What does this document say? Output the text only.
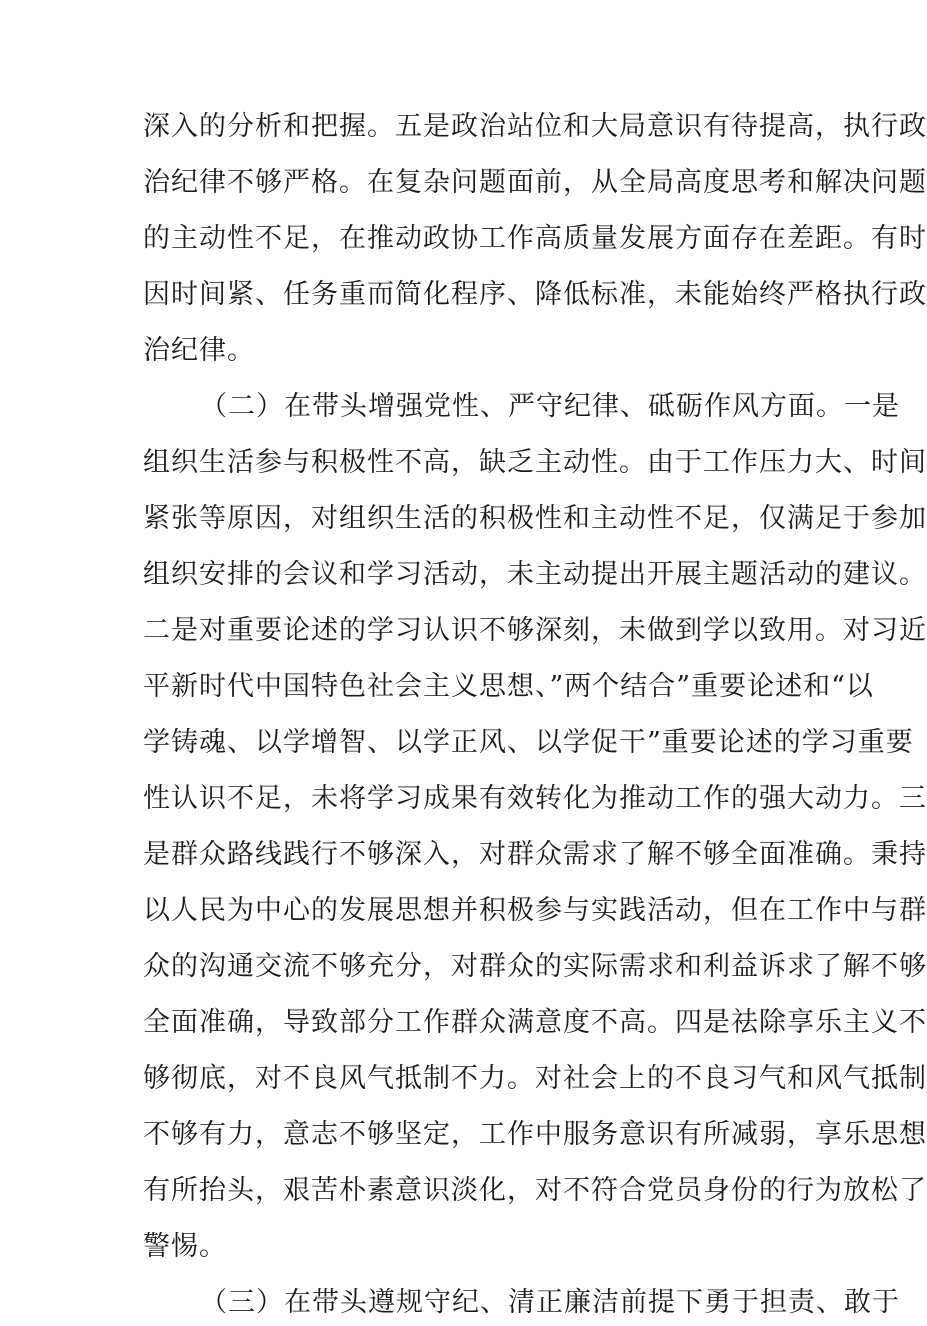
深入的分析和把握。五是政治站位和大局意识有待提高，执行政
治纪律不够严格。在复杂问题面前，从全局高度思考和解决问题
的主动性不足，在推动政协工作高质量发展方面存在差距。有时
因时间紧、任务重而简化程序、降低标准，未能始终严格执行政
治纪律。
（二）在带头增强党性、严守纪律、砥砺作风方面。一是
组织生活参与积极性不高，缺乏主动性。由于工作压力大、时间
紧张等原因，对组织生活的积极性和主动性不足，仅满足于参加
组织安排的会议和学习活动，未主动提出开展主题活动的建议。
二是对重要论述的学习认识不够深刻，未做到学以致用。对习近
平新时代中国特色社会主义思想、”两个结合”重要论述和“以
学铸魂、以学增智、以学正风、以学促干”重要论述的学习重要
性认识不足，未将学习成果有效转化为推动工作的强大动力。三
是群众路线践行不够深入，对群众需求了解不够全面准确。秉持
以人民为中心的发展思想并积极参与实践活动，但在工作中与群
众的沟通交流不够充分，对群众的实际需求和利益诉求了解不够
全面准确，导致部分工作群众满意度不高。四是祛除享乐主义不
够彻底，对不良风气抵制不力。对社会上的不良习气和风气抵制
不够有力，意志不够坚定，工作中服务意识有所减弱，享乐思想
有所抬头，艰苦朴素意识淡化，对不符合党员身份的行为放松了
警惕。
（三）在带头遵规守纪、清正廉洁前提下勇于担责、敢于
